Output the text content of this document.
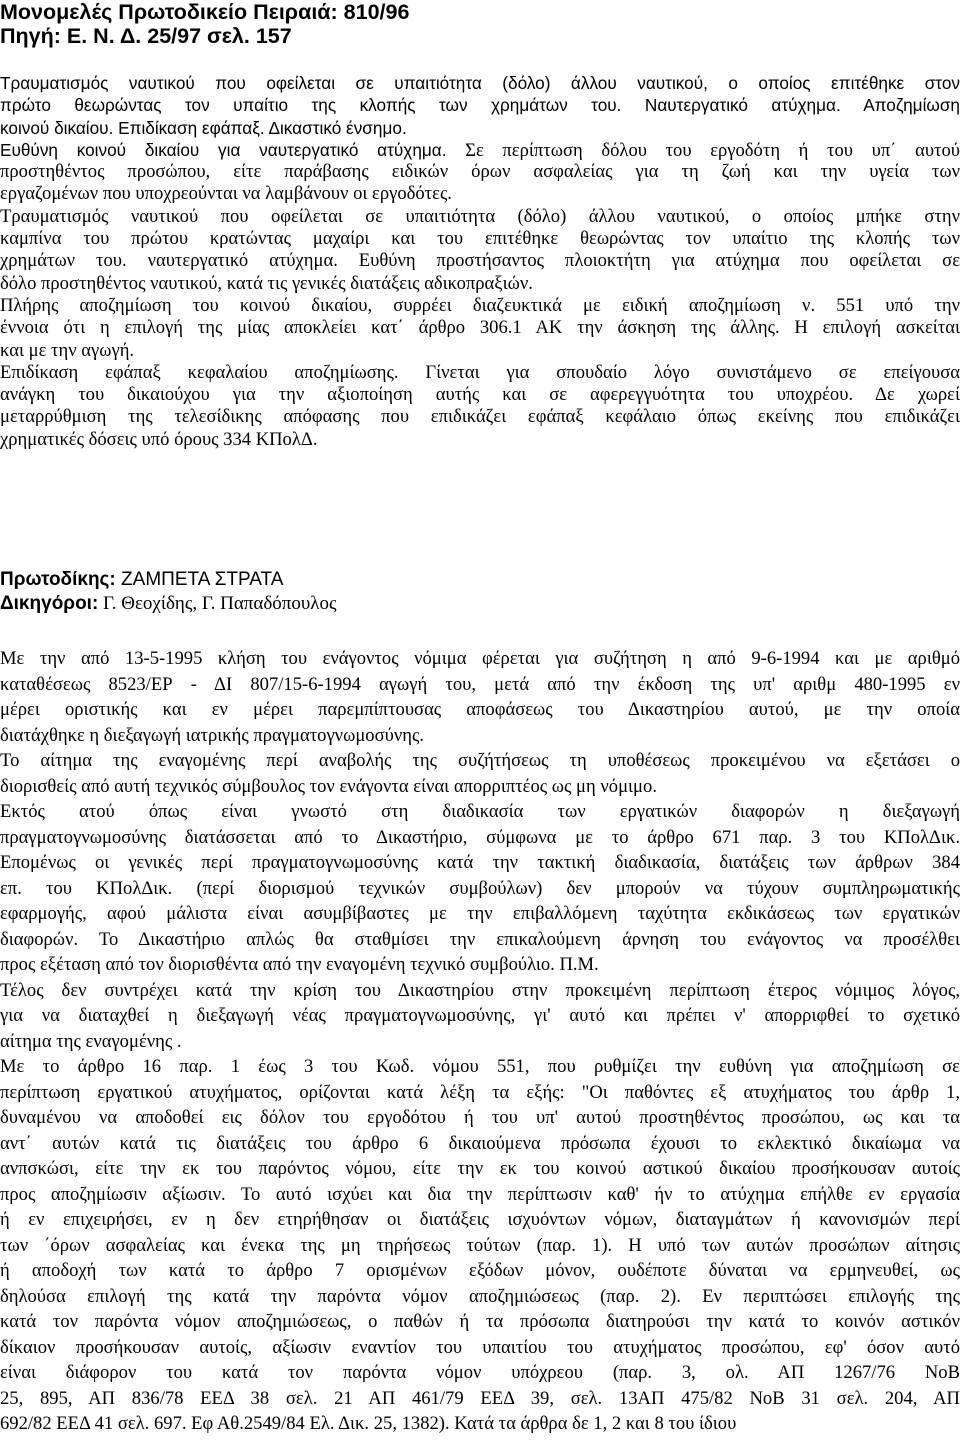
Μονομελές Πρωτοδικείο Πειραιά: 810/96
Πηγή: Ε. Ν. Δ. 25/97 σελ. 157
Τραυματισμός ναυτικού που οφείλεται σε υπαιτιότητα (δόλο) άλλου ναυτικού, ο οποίος επιτέθηκε στον
πρώτο θεωρώντας τον υπαίτιο της κλοπής των χρημάτων του. Ναυτεργατικό ατύχημα. Αποζημίωση
κοινού δικαίου. Επιδίκαση εφάπαξ. Δικαστικό ένσημο.
Ευθύνη κοινού δικαίου για ναυτεργατικό ατύχημα. Σε περίπτωση δόλου του εργοδότη ή του υπ΄ αυτού
προστηθέντος προσώπου, είτε παράβασης ειδικών όρων ασφαλείας για τη ζωή και την υγεία των
εργαζομένων που υποχρεούνται να λαμβάνουν οι εργοδότες.
Τραυματισμός ναυτικού που οφείλεται σε υπαιτιότητα (δόλο) άλλου ναυτικού, ο οποίος μπήκε στην
καμπίνα του πρώτου κρατώντας μαχαίρι και του επιτέθηκε θεωρώντας τον υπαίτιο της κλοπής των
χρημάτων του. ναυτεργατικό ατύχημα. Ευθύνη προστήσαντος πλοιοκτήτη για ατύχημα που οφείλεται σε
δόλο προστηθέντος ναυτικού, κατά τις γενικές διατάξεις αδικοπραξιών.
Πλήρης αποζημίωση του κοινού δικαίου, συρρέει διαζευκτικά με ειδική αποζημίωση ν. 551 υπό την
έννοια ότι η επιλογή της μίας αποκλείει κατ΄ άρθρο 306.1 ΑΚ την άσκηση της άλλης. Η επιλογή ασκείται
και με την αγωγή.
Επιδίκαση εφάπαξ κεφαλαίου αποζημίωσης. Γίνεται για σπουδαίο λόγο συνιστάμενο σε επείγουσα
ανάγκη του δικαιούχου για την αξιοποίηση αυτής και σε αφερεγγυότητα του υποχρέου. Δε χωρεί
μεταρρύθμιση της τελεσίδικης απόφασης που επιδικάζει εφάπαξ κεφάλαιο όπως εκείνης που επιδικάζει
χρηματικές δόσεις υπό όρους 334 ΚΠολΔ.
Πρωτοδίκης: ΖΑΜΠΕΤΑ ΣΤΡΑΤΑ
Δικηγόροι: Γ. Θεοχίδης, Γ. Παπαδόπουλος
Με την από 13-5-1995 κλήση του ενάγοντος νόμιμα φέρεται για συζήτηση η από 9-6-1994 και με αριθμό
καταθέσεως 8523/ΕΡ - ΔΙ 807/15-6-1994 αγωγή του, μετά από την έκδοση της υπ' αριθμ 480-1995 εν
μέρει οριστικής και εν μέρει παρεμπίπτουσας αποφάσεως του Δικαστηρίου αυτού, με την οποία
διατάχθηκε η διεξαγωγή ιατρικής πραγματογνωμοσύνης.
Το αίτημα της εναγομένης περί αναβολής της συζήτήσεως τη υποθέσεως προκειμένου να εξετάσει ο
διορισθείς από αυτή τεχνικός σύμβουλος τον ενάγοντα είναι απορριπτέος ως μη νόμιμο.
Εκτός ατού όπως είναι γνωστό στη διαδικασία των εργατικών διαφορών η διεξαγωγή
πραγματογνωμοσύνης διατάσσεται από το Δικαστήριο, σύμφωνα με το άρθρο 671 παρ. 3 του ΚΠολΔικ.
Επομένως οι γενικές περί πραγματογνωμοσύνης κατά την τακτική διαδικασία, διατάξεις των άρθρων 384
επ. του ΚΠολΔικ. (περί διορισμού τεχνικών συμβούλων) δεν μπορούν να τύχουν συμπληρωματικής
εφαρμογής, αφού μάλιστα είναι ασυμβίβαστες με την επιβαλλόμενη ταχύτητα εκδικάσεως των εργατικών
διαφορών. Το Δικαστήριο απλώς θα σταθμίσει την επικαλούμενη άρνηση του ενάγοντος να προσέλθει
προς εξέταση από τον διορισθέντα από την εναγομένη τεχνικό συμβούλιο. Π.Μ.
Τέλος δεν συντρέχει κατά την κρίση του Δικαστηρίου στην προκειμένη περίπτωση έτερος νόμιμος λόγος,
για να διαταχθεί η διεξαγωγή νέας πραγματογνωμοσύνης, γι' αυτό και πρέπει ν' απορριφθεί το σχετικό
αίτημα της εναγομένης .
Με το άρθρο 16 παρ. 1 έως 3 του Κωδ. νόμου 551, που ρυθμίζει την ευθύνη για αποζημίωση σε
περίπτωση εργατικού ατυχήματος, ορίζονται κατά λέξη τα εξής: "Οι παθόντες εξ ατυχήματος του άρθρ 1,
δυναμένου να αποδοθεί εις δόλον του εργοδότου ή του υπ' αυτού προστηθέντος προσώπου, ως και τα
αντ΄ αυτών κατά τις διατάξεις του άρθρο 6 δικαιούμενα πρόσωπα έχουσι το εκλεκτικό δικαίωμα να
ανπσκώσι, είτε την εκ του παρόντος νόμου, είτε την εκ του κοινού αστικού δικαίου προσήκουσαν αυτοίς
προς αποζημίωσιν αξίωσιν. Το αυτό ισχύει και δια την περίπτωσιν καθ' ήν το ατύχημα επήλθε εν εργασία
ή εν επιχειρήσει, εν η δεν ετηρήθησαν οι διατάξεις ισχυόντων νόμων, διαταγμάτων ή κανονισμών περί
των ΄όρων ασφαλείας και ένεκα της μη τηρήσεως τούτων (παρ. 1). Η υπό των αυτών προσώπων αίτησις
ή αποδοχή των κατά το άρθρο 7 ορισμένων εξόδων μόνον, ουδέποτε δύναται να ερμηνευθεί, ως
δηλούσα επιλογή της κατά την παρόντα νόμον αποζημιώσεως (παρ. 2). Εν περιπτώσει επιλογής της
κατά τον παρόντα νόμον αποζημιώσεως, ο παθών ή τα πρόσωπα διατηρούσι την κατά το κοινόν αστικόν
δίκαιον προσήκουσαν αυτοίς, αξίωσιν εναντίον του υπαιτίου του ατυχήματος προσώπου, εφ' όσον αυτό
είναι διάφορον του κατά τον παρόντα νόμον υπόχρεου (παρ. 3, ολ. ΑΠ 1267/76 ΝοΒ
25, 895, ΑΠ 836/78 ΕΕΔ 38 σελ. 21 ΑΠ 461/79 ΕΕΔ 39, σελ. 13ΑΠ 475/82 ΝοΒ 31 σελ. 204, ΑΠ
692/82 ΕΕΔ 41 σελ. 697. Εφ Αθ.2549/84 Ελ. Δικ. 25, 1382). Κατά τα άρθρα δε 1, 2 και 8 του ίδιου
